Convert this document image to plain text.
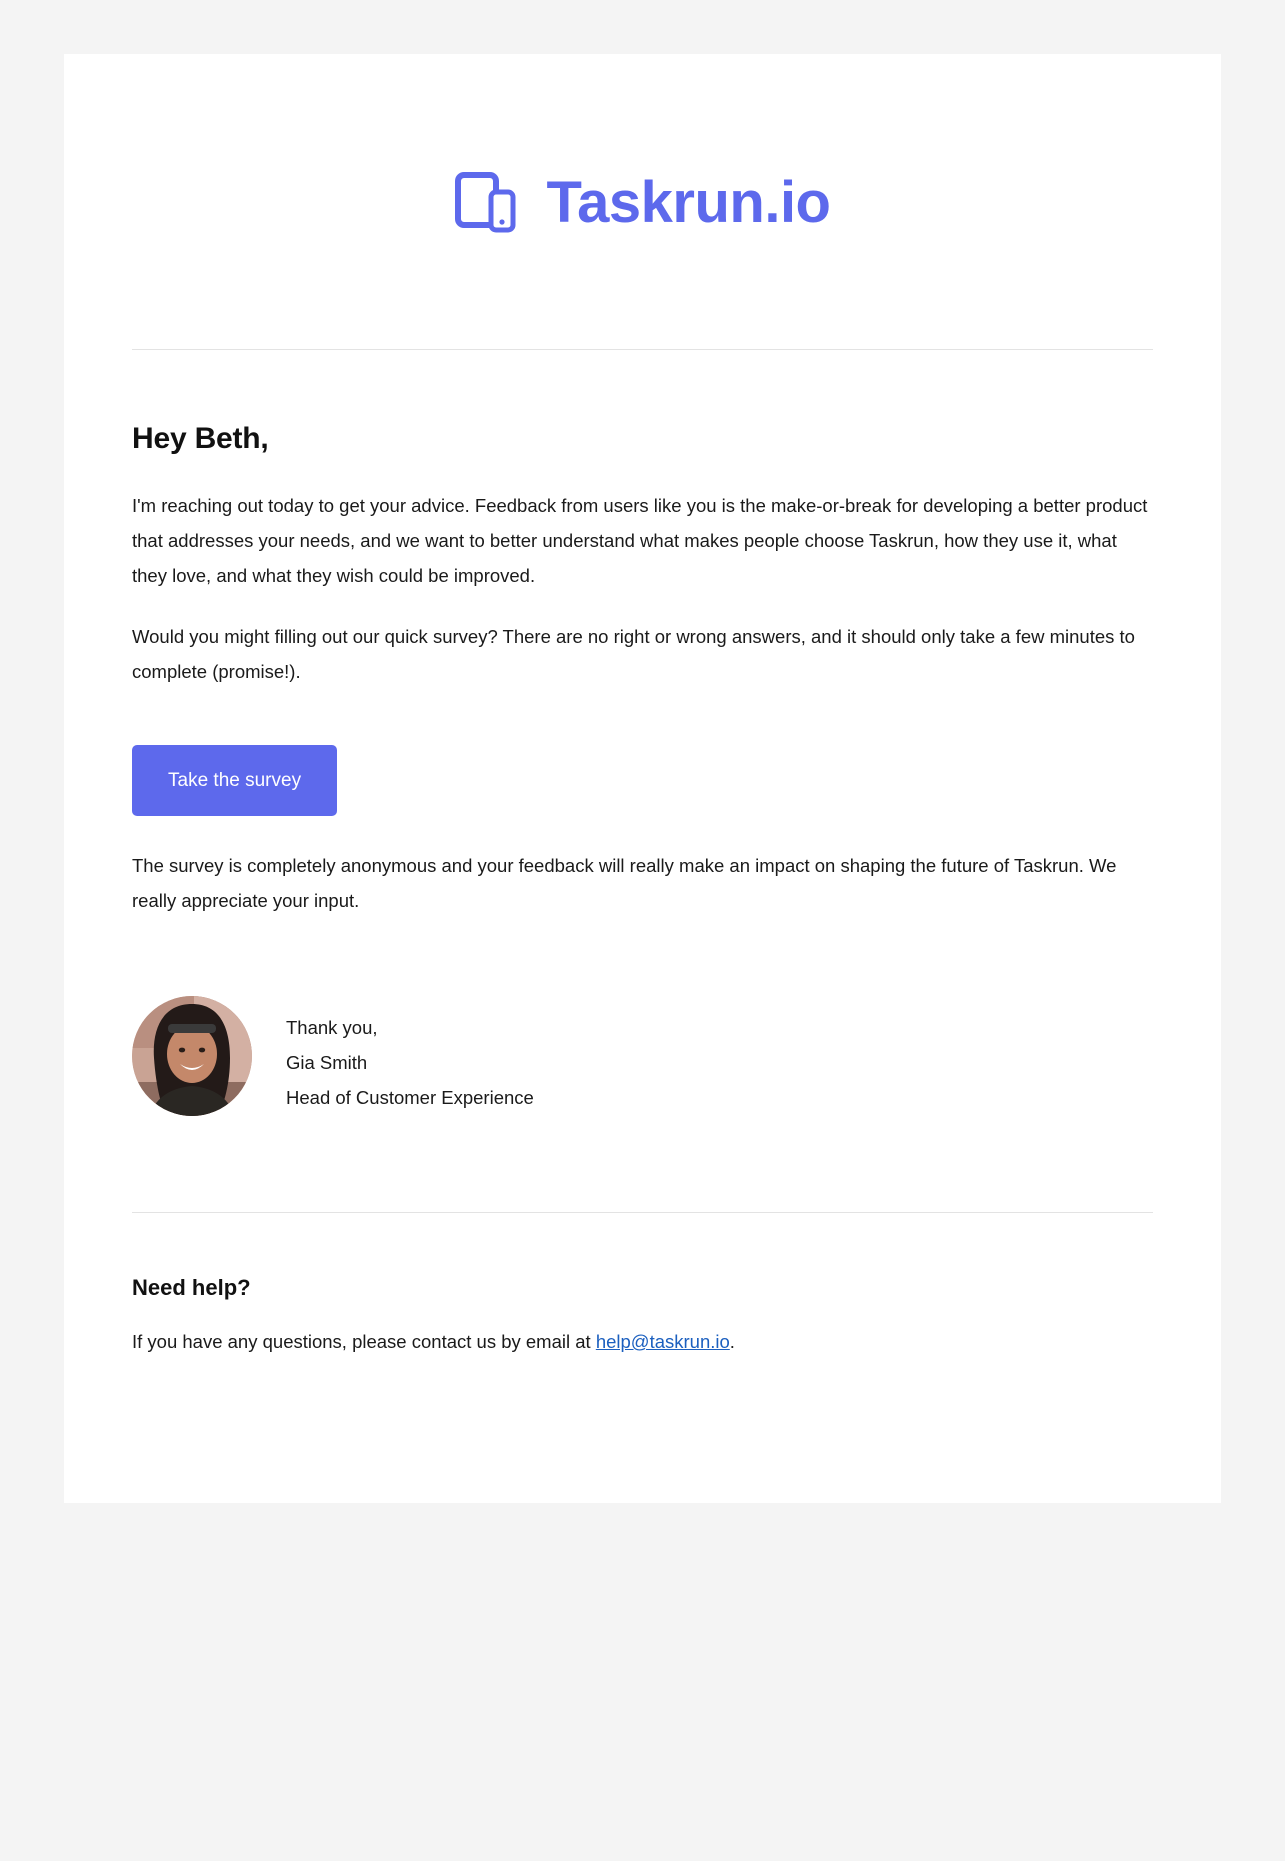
Taskrun.io
Hey Beth,

I'm reaching out today to get your advice. Feedback from users like you is the make-or-break for developing a better product that addresses your needs, and we want to better understand what makes people choose Taskrun, how they use it, what they love, and what they wish could be improved.

Would you might filling out our quick survey? There are no right or wrong answers, and it should only take a few minutes to complete (promise!).

Take the survey

The survey is completely anonymous and your feedback will really make an impact on shaping the future of Taskrun. We really appreciate your input.

Thank you,
Gia Smith
Head of Customer Experience
Need help?

If you have any questions, please contact us by email at help@taskrun.io.
